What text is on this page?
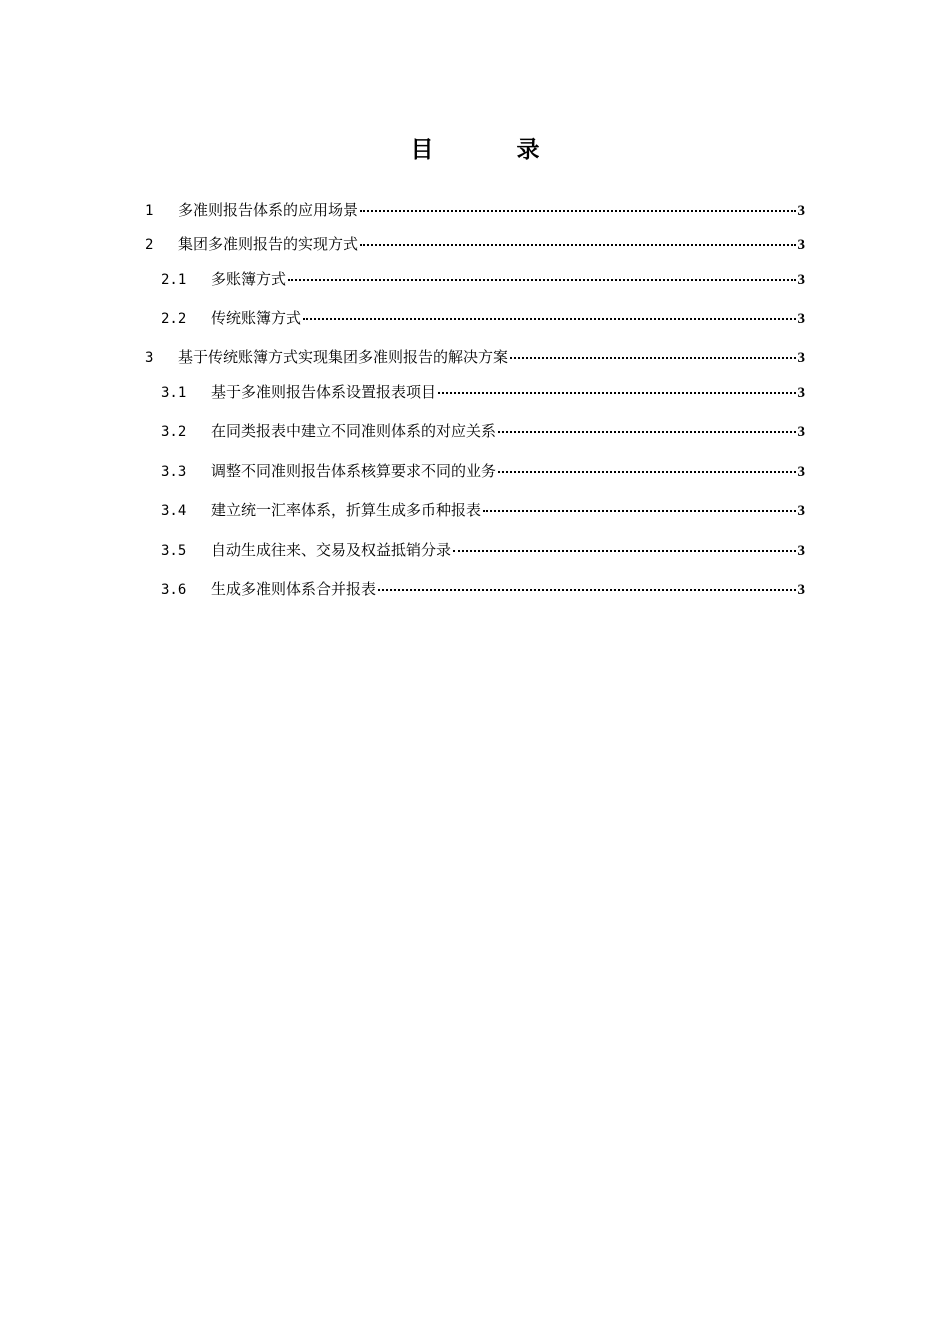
目　录
1	多准则报告体系的应用场景	3
2	集团多准则报告的实现方式	3
2.1	多账簿方式	3
2.2	传统账簿方式	3
3	基于传统账簿方式实现集团多准则报告的解决方案	3
3.1	基于多准则报告体系设置报表项目	3
3.2	在同类报表中建立不同准则体系的对应关系	3
3.3	调整不同准则报告体系核算要求不同的业务	3
3.4	建立统一汇率体系，折算生成多币种报表	3
3.5	自动生成往来、交易及权益抵销分录	3
3.6	生成多准则体系合并报表	3
